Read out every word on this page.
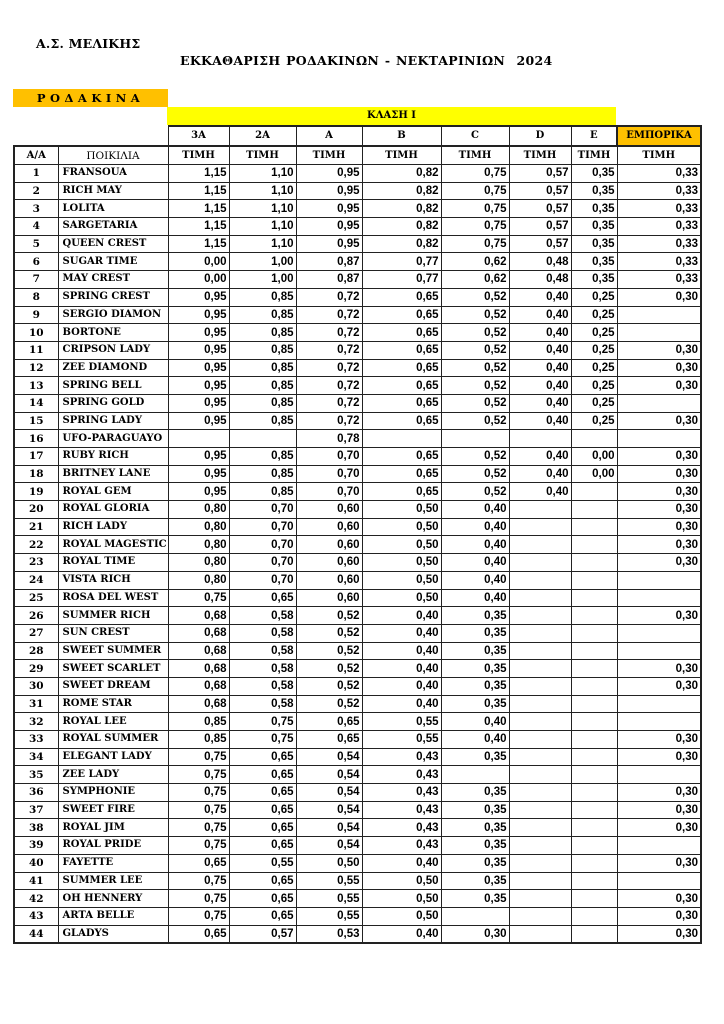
Α.Σ. ΜΕΛΙΚΗΣ
ΕΚΚΑΘΑΡΙΣΗ ΡΟΔΑΚΙΝΩΝ - ΝΕΚΤΑΡΙΝΙΩΝ  2024
ΡΟΔΑΚΙΝΑ
ΚΛΑΣΗ I
		3A	2A	A	B	C	D	E	ΕΜΠΟΡΙΚΑ
A/A	ΠΟΙΚΙΛΙΑ	ΤΙΜΗ	ΤΙΜΗ	ΤΙΜΗ	ΤΙΜΗ	ΤΙΜΗ	ΤΙΜΗ	ΤΙΜΗ	ΤΙΜΗ
1	FRANSOUA	1,15	1,10	0,95	0,82	0,75	0,57	0,35	0,33
2	RICH MAY	1,15	1,10	0,95	0,82	0,75	0,57	0,35	0,33
3	LOLITA	1,15	1,10	0,95	0,82	0,75	0,57	0,35	0,33
4	SARGETARIA	1,15	1,10	0,95	0,82	0,75	0,57	0,35	0,33
5	QUEEN CREST	1,15	1,10	0,95	0,82	0,75	0,57	0,35	0,33
6	SUGAR TIME	0,00	1,00	0,87	0,77	0,62	0,48	0,35	0,33
7	MAY CREST	0,00	1,00	0,87	0,77	0,62	0,48	0,35	0,33
8	SPRING CREST	0,95	0,85	0,72	0,65	0,52	0,40	0,25	0,30
9	SERGIO DIAMON	0,95	0,85	0,72	0,65	0,52	0,40	0,25	
10	BORTONE	0,95	0,85	0,72	0,65	0,52	0,40	0,25	
11	CRIPSON LADY	0,95	0,85	0,72	0,65	0,52	0,40	0,25	0,30
12	ZEE DIAMOND	0,95	0,85	0,72	0,65	0,52	0,40	0,25	0,30
13	SPRING BELL	0,95	0,85	0,72	0,65	0,52	0,40	0,25	0,30
14	SPRING GOLD	0,95	0,85	0,72	0,65	0,52	0,40	0,25	
15	SPRING LADY	0,95	0,85	0,72	0,65	0,52	0,40	0,25	0,30
16	UFO-PARAGUAYO			0,78					
17	RUBY RICH	0,95	0,85	0,70	0,65	0,52	0,40	0,00	0,30
18	BRITNEY LANE	0,95	0,85	0,70	0,65	0,52	0,40	0,00	0,30
19	ROYAL GEM	0,95	0,85	0,70	0,65	0,52	0,40		0,30
20	ROYAL GLORIA	0,80	0,70	0,60	0,50	0,40			0,30
21	RICH LADY	0,80	0,70	0,60	0,50	0,40			0,30
22	ROYAL MAGESTIC	0,80	0,70	0,60	0,50	0,40			0,30
23	ROYAL TIME	0,80	0,70	0,60	0,50	0,40			0,30
24	VISTA RICH	0,80	0,70	0,60	0,50	0,40			
25	ROSA DEL WEST	0,75	0,65	0,60	0,50	0,40			
26	SUMMER RICH	0,68	0,58	0,52	0,40	0,35			0,30
27	SUN CREST	0,68	0,58	0,52	0,40	0,35			
28	SWEET SUMMER	0,68	0,58	0,52	0,40	0,35			
29	SWEET SCARLET	0,68	0,58	0,52	0,40	0,35			0,30
30	SWEET DREAM	0,68	0,58	0,52	0,40	0,35			0,30
31	ROME STAR	0,68	0,58	0,52	0,40	0,35			
32	ROYAL LEE	0,85	0,75	0,65	0,55	0,40			
33	ROYAL SUMMER	0,85	0,75	0,65	0,55	0,40			0,30
34	ELEGANT LADY	0,75	0,65	0,54	0,43	0,35			0,30
35	ZEE LADY	0,75	0,65	0,54	0,43				
36	SYMPHONIE	0,75	0,65	0,54	0,43	0,35			0,30
37	SWEET FIRE	0,75	0,65	0,54	0,43	0,35			0,30
38	ROYAL JIM	0,75	0,65	0,54	0,43	0,35			0,30
39	ROYAL PRIDE	0,75	0,65	0,54	0,43	0,35			
40	FAYETTE	0,65	0,55	0,50	0,40	0,35			0,30
41	SUMMER LEE	0,75	0,65	0,55	0,50	0,35			
42	OH HENNERY	0,75	0,65	0,55	0,50	0,35			0,30
43	ARTA BELLE	0,75	0,65	0,55	0,50				0,30
44	GLADYS	0,65	0,57	0,53	0,40	0,30			0,30
